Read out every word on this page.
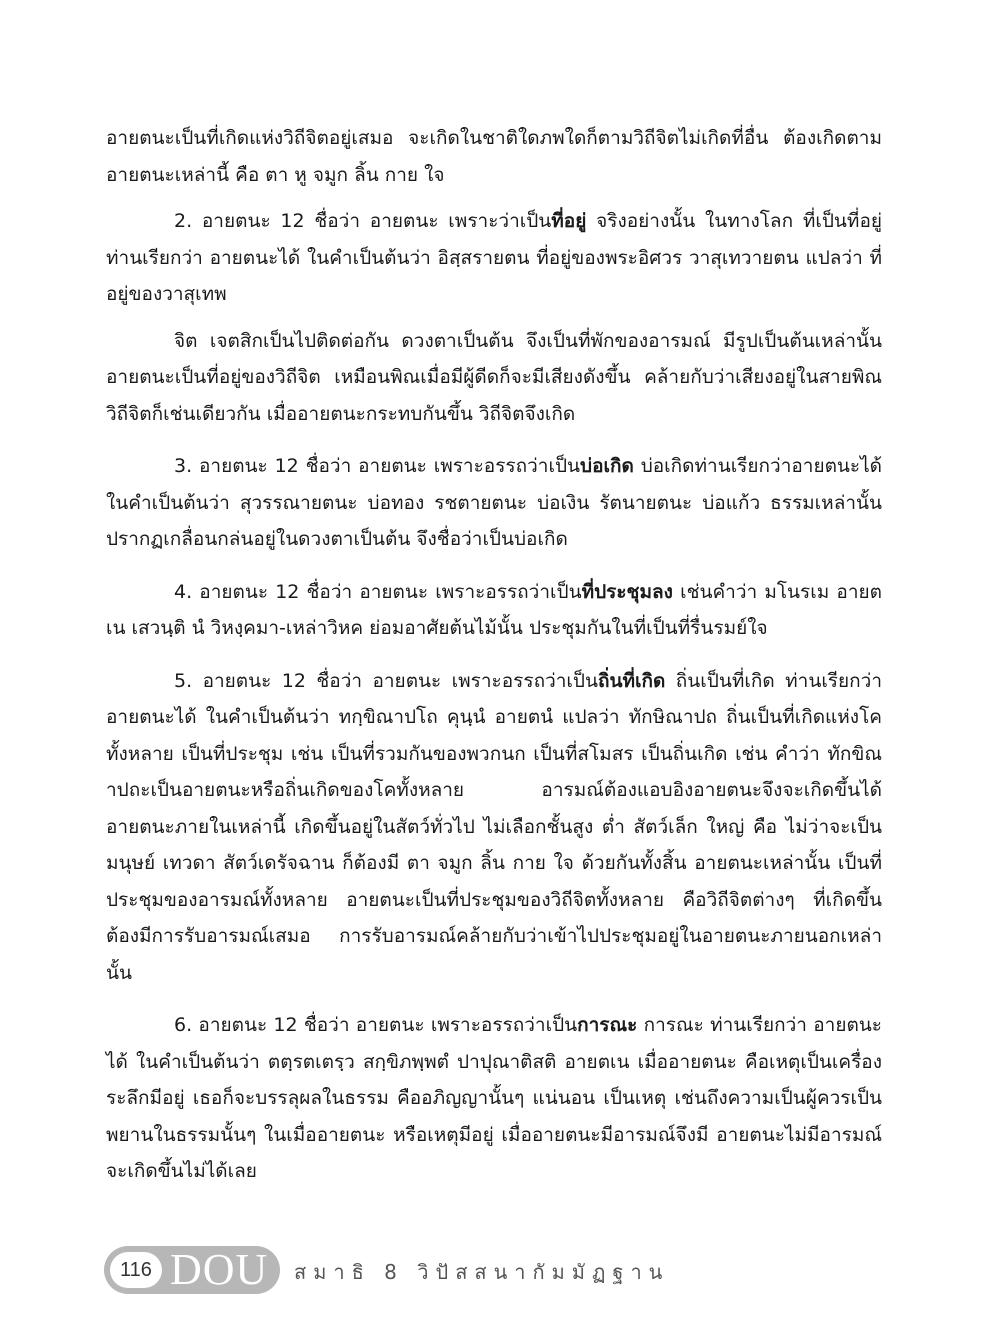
อายตนะเป็นที่เกิดแห่งวิถีจิตอยู่เสมอ จะเกิดในชาติใดภพใดก็ตามวิถีจิตไม่เกิดที่อื่น ต้องเกิดตามอายตนะเหล่านี้ คือ ตา หู จมูก ลิ้น กาย ใจ

2. อายตนะ 12 ชื่อว่า อายตนะ เพราะว่าเป็นที่อยู่ จริงอย่างนั้น ในทางโลก ที่เป็นที่อยู่ท่านเรียกว่า อายตนะได้ ในคำเป็นต้นว่า อิสฺสรายตน ที่อยู่ของพระอิศวร วาสุเทวายตน แปลว่า ที่อยู่ของวาสุเทพ

จิต เจตสิกเป็นไปติดต่อกัน ดวงตาเป็นต้น จึงเป็นที่พักของอารมณ์ มีรูปเป็นต้นเหล่านั้น อายตนะเป็นที่อยู่ของวิถีจิต เหมือนพิณเมื่อมีผู้ดีดก็จะมีเสียงดังขึ้น คล้ายกับว่าเสียงอยู่ในสายพิณ วิถีจิตก็เช่นเดียวกัน เมื่ออายตนะกระทบกันขึ้น วิถีจิตจึงเกิด

3. อายตนะ 12 ชื่อว่า อายตนะ เพราะอรรถว่าเป็นบ่อเกิด บ่อเกิดท่านเรียกว่าอายตนะได้ ในคำเป็นต้นว่า สุวรรณายตนะ บ่อทอง รชตายตนะ บ่อเงิน รัตนายตนะ บ่อแก้ว ธรรมเหล่านั้น ปรากฏเกลื่อนกล่นอยู่ในดวงตาเป็นต้น จึงชื่อว่าเป็นบ่อเกิด

4. อายตนะ 12 ชื่อว่า อายตนะ เพราะอรรถว่าเป็นที่ประชุมลง เช่นคำว่า มโนรเม อายตเน เสวนฺติ นํ วิหงฺคมา-เหล่าวิหค ย่อมอาศัยต้นไม้นั้น ประชุมกันในที่เป็นที่รื่นรมย์ใจ

5. อายตนะ 12 ชื่อว่า อายตนะ เพราะอรรถว่าเป็นถิ่นที่เกิด ถิ่นเป็นที่เกิด ท่านเรียกว่า อายตนะได้ ในคำเป็นต้นว่า ทกฺขิณาปโถ คุนฺนํ อายตนํ แปลว่า ทักษิณาปถ ถิ่นเป็นที่เกิดแห่งโคทั้งหลาย เป็นที่ประชุม เช่น เป็นที่รวมกันของพวกนก เป็นที่สโมสร เป็นถิ่นเกิด เช่น คำว่า ทักขิณาปถะเป็นอายตนะหรือถิ่นเกิดของโคทั้งหลาย อารมณ์ต้องแอบอิงอายตนะจึงจะเกิดขึ้นได้ อายตนะภายในเหล่านี้ เกิดขึ้นอยู่ในสัตว์ทั่วไป ไม่เลือกชั้นสูง ต่ำ สัตว์เล็ก ใหญ่ คือ ไม่ว่าจะเป็นมนุษย์ เทวดา สัตว์เดรัจฉาน ก็ต้องมี ตา จมูก ลิ้น กาย ใจ ด้วยกันทั้งสิ้น อายตนะเหล่านั้น เป็นที่ประชุมของอารมณ์ทั้งหลาย อายตนะเป็นที่ประชุมของวิถีจิตทั้งหลาย คือวิถีจิตต่างๆ ที่เกิดขึ้น ต้องมีการรับอารมณ์เสมอ การรับอารมณ์คล้ายกับว่าเข้าไปประชุมอยู่ในอายตนะภายนอกเหล่านั้น

6. อายตนะ 12 ชื่อว่า อายตนะ เพราะอรรถว่าเป็นการณะ การณะ ท่านเรียกว่า อายตนะได้ ในคำเป็นต้นว่า ตตฺรตเตรฺว สกฺขิภพฺพตํ ปาปุณาติสติ อายตเน เมื่ออายตนะ คือเหตุเป็นเครื่องระลึกมีอยู่ เธอก็จะบรรลุผลในธรรม คืออภิญญานั้นๆ แน่นอน เป็นเหตุ เช่นถึงความเป็นผู้ควรเป็นพยานในธรรมนั้นๆ ในเมื่ออายตนะ หรือเหตุมีอยู่ เมื่ออายตนะมีอารมณ์จึงมี อายตนะไม่มีอารมณ์จะเกิดขึ้นไม่ได้เลย

116 DOU สมาธิ 8 วิปัสสนากัมมัฏฐาน
